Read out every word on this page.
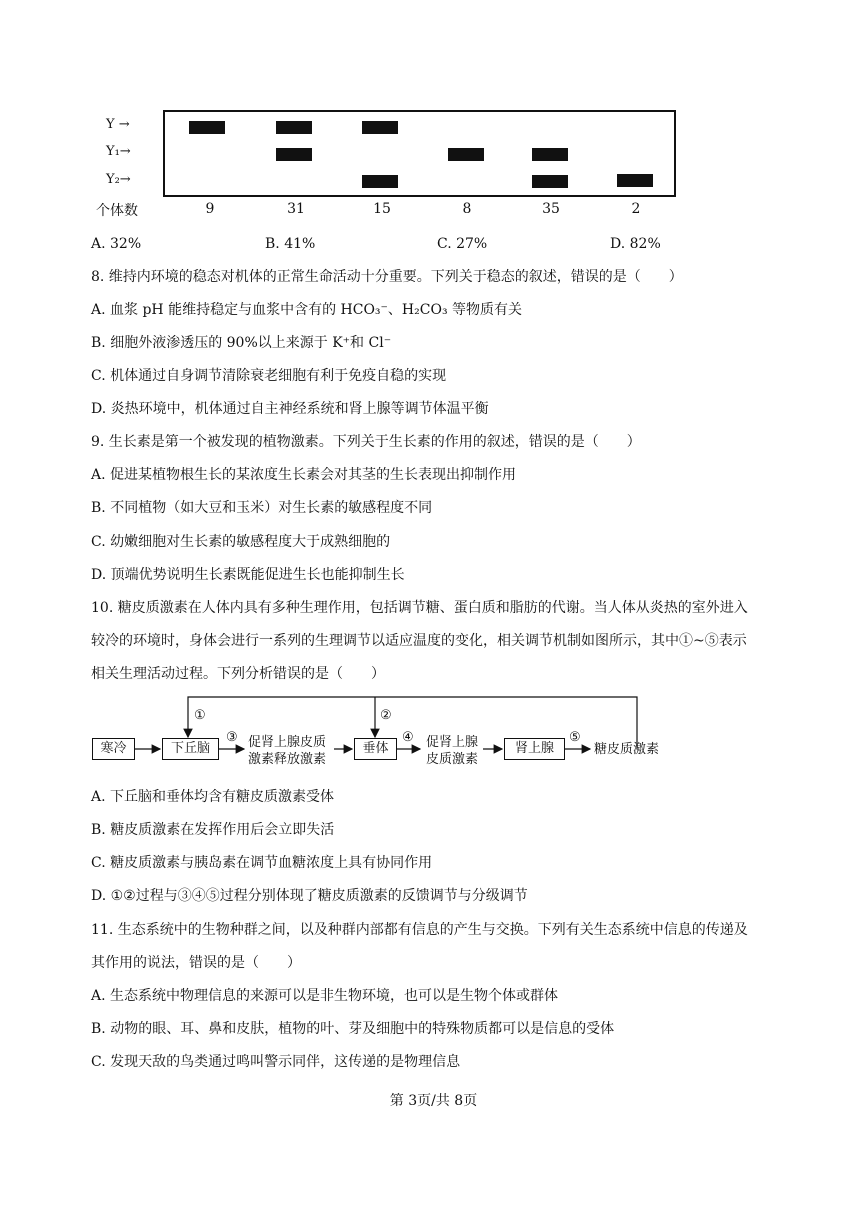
Y →
Y₁→
Y₂→
个体数	9	31	15	8	35	2
A. 32%	B. 41%	C. 27%	D. 82%
8. 维持内环境的稳态对机体的正常生命活动十分重要。下列关于稳态的叙述，错误的是（　　）
A. 血浆 pH 能维持稳定与血浆中含有的 HCO₃⁻、H₂CO₃ 等物质有关
B. 细胞外液渗透压的 90%以上来源于 K⁺和 Cl⁻
C. 机体通过自身调节清除衰老细胞有利于免疫自稳的实现
D. 炎热环境中，机体通过自主神经系统和肾上腺等调节体温平衡
9. 生长素是第一个被发现的植物激素。下列关于生长素的作用的叙述，错误的是（　　）
A. 促进某植物根生长的某浓度生长素会对其茎的生长表现出抑制作用
B. 不同植物（如大豆和玉米）对生长素的敏感程度不同
C. 幼嫩细胞对生长素的敏感程度大于成熟细胞的
D. 顶端优势说明生长素既能促进生长也能抑制生长
10. 糖皮质激素在人体内具有多种生理作用，包括调节糖、蛋白质和脂肪的代谢。当人体从炎热的室外进入
较冷的环境时，身体会进行一系列的生理调节以适应温度的变化，相关调节机制如图所示，其中①~⑤表示
相关生理活动过程。下列分析错误的是（　　）
寒冷	下丘脑	垂体	肾上腺
促肾上腺皮质
激素释放激素
促肾上腺
皮质激素
糖皮质激素
①	②
③	④	⑤
A. 下丘脑和垂体均含有糖皮质激素受体
B. 糖皮质激素在发挥作用后会立即失活
C. 糖皮质激素与胰岛素在调节血糖浓度上具有协同作用
D. ①②过程与③④⑤过程分别体现了糖皮质激素的反馈调节与分级调节
11. 生态系统中的生物种群之间，以及种群内部都有信息的产生与交换。下列有关生态系统中信息的传递及
其作用的说法，错误的是（　　）
A. 生态系统中物理信息的来源可以是非生物环境，也可以是生物个体或群体
B. 动物的眼、耳、鼻和皮肤，植物的叶、芽及细胞中的特殊物质都可以是信息的受体
C. 发现天敌的鸟类通过鸣叫警示同伴，这传递的是物理信息
第 3页/共 8页
